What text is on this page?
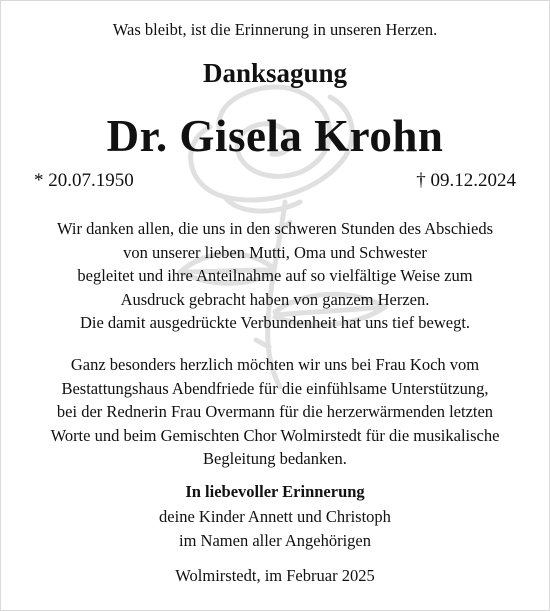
Was bleibt, ist die Erinnerung in unseren Herzen.
Danksagung
Dr. Gisela Krohn
* 20.07.1950	† 09.12.2024
Wir danken allen, die uns in den schweren Stunden des Abschieds
von unserer lieben Mutti, Oma und Schwester
begleitet und ihre Anteilnahme auf so vielfältige Weise zum
Ausdruck gebracht haben von ganzem Herzen.
Die damit ausgedrückte Verbundenheit hat uns tief bewegt.
Ganz besonders herzlich möchten wir uns bei Frau Koch vom
Bestattungshaus Abendfriede für die einfühlsame Unterstützung,
bei der Rednerin Frau Overmann für die herzerwärmenden letzten
Worte und beim Gemischten Chor Wolmirstedt für die musikalische
Begleitung bedanken.
In liebevoller Erinnerung
deine Kinder Annett und Christoph
im Namen aller Angehörigen
Wolmirstedt, im Februar 2025
